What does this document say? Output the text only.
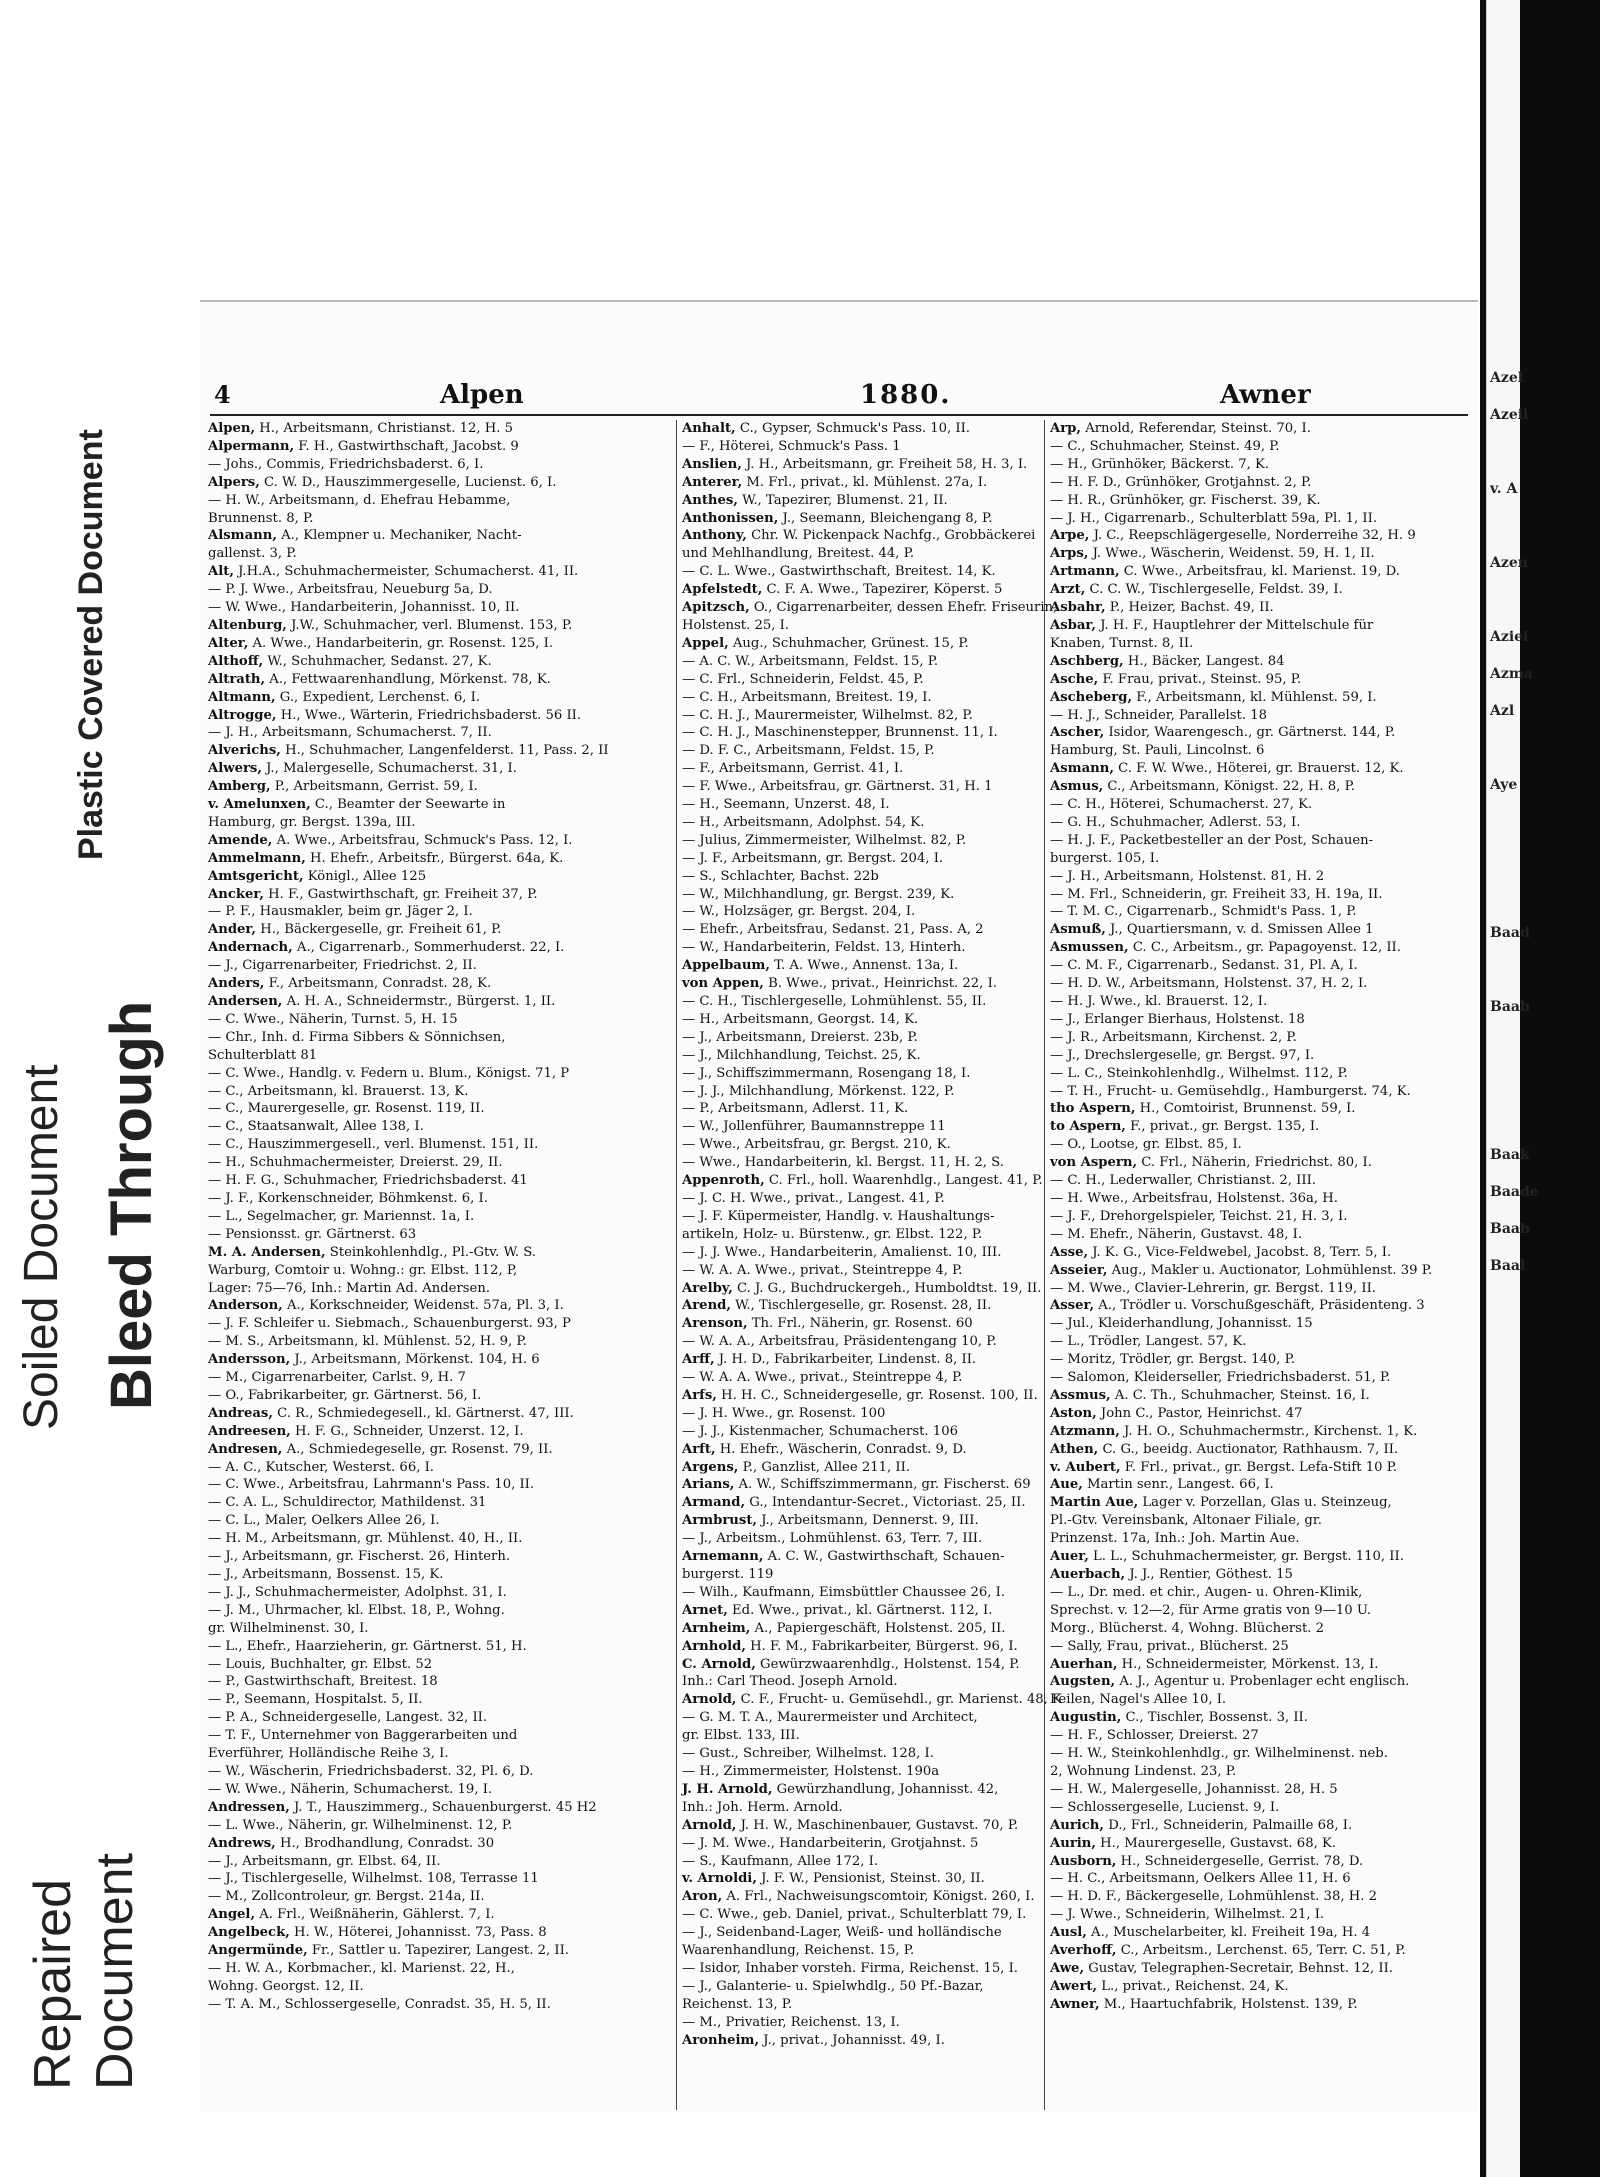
Azel
Azeil

v. A

Azen

Aziei
Azma
Azl

Aye

Baad

Baab

Baak
Baade
Baab
Baal
Plastic Covered Document
Soiled Document Bleed Through
Repaired Document
4	Alpen	1880.	Awner
Alpen, H., Arbeitsmann, Christianst. 12, H. 5
Alpermann, F. H., Gastwirthschaft, Jacobst. 9
— Johs., Commis, Friedrichsbaderst. 6, I.
Alpers, C. W. D., Hauszimmergeselle, Lucienst. 6, I.
— H. W., Arbeitsmann, d. Ehefrau Hebamme,
Brunnenst. 8, P.
Alsmann, A., Klempner u. Mechaniker, Nacht-
gallenst. 3, P.
Alt, J.H.A., Schuhmachermeister, Schumacherst. 41, II.
— P. J. Wwe., Arbeitsfrau, Neueburg 5a, D.
— W. Wwe., Handarbeiterin, Johannisst. 10, II.
Altenburg, J.W., Schuhmacher, verl. Blumenst. 153, P.
Alter, A. Wwe., Handarbeiterin, gr. Rosenst. 125, I.
Althoff, W., Schuhmacher, Sedanst. 27, K.
Altrath, A., Fettwaarenhandlung, Mörkenst. 78, K.
Altmann, G., Expedient, Lerchenst. 6, I.
Altrogge, H., Wwe., Wärterin, Friedrichsbaderst. 56 II.
— J. H., Arbeitsmann, Schumacherst. 7, II.
Alverichs, H., Schuhmacher, Langenfelderst. 11, Pass. 2, II
Alwers, J., Malergeselle, Schumacherst. 31, I.
Amberg, P., Arbeitsmann, Gerrist. 59, I.
v. Amelunxen, C., Beamter der Seewarte in
Hamburg, gr. Bergst. 139a, III.
Amende, A. Wwe., Arbeitsfrau, Schmuck's Pass. 12, I.
Ammelmann, H. Ehefr., Arbeitsfr., Bürgerst. 64a, K.
Amtsgericht, Königl., Allee 125
Ancker, H. F., Gastwirthschaft, gr. Freiheit 37, P.
— P. F., Hausmakler, beim gr. Jäger 2, I.
Ander, H., Bäckergeselle, gr. Freiheit 61, P.
Andernach, A., Cigarrenarb., Sommerhuderst. 22, I.
— J., Cigarrenarbeiter, Friedrichst. 2, II.
Anders, F., Arbeitsmann, Conradst. 28, K.
Andersen, A. H. A., Schneidermstr., Bürgerst. 1, II.
— C. Wwe., Näherin, Turnst. 5, H. 15
— Chr., Inh. d. Firma Sibbers & Sönnichsen,
Schulterblatt 81
— C. Wwe., Handlg. v. Federn u. Blum., Königst. 71, P
— C., Arbeitsmann, kl. Brauerst. 13, K.
— C., Maurergeselle, gr. Rosenst. 119, II.
— C., Staatsanwalt, Allee 138, I.
— C., Hauszimmergesell., verl. Blumenst. 151, II.
— H., Schuhmachermeister, Dreierst. 29, II.
— H. F. G., Schuhmacher, Friedrichsbaderst. 41
— J. F., Korkenschneider, Böhmkenst. 6, I.
— L., Segelmacher, gr. Mariennst. 1a, I.
— Pensionsst. gr. Gärtnerst. 63
M. A. Andersen, Steinkohlenhdlg., Pl.-Gtv. W. S.
Warburg, Comtoir u. Wohng.: gr. Elbst. 112, P,
Lager: 75—76, Inh.: Martin Ad. Andersen.
Anderson, A., Korkschneider, Weidenst. 57a, Pl. 3, I.
— J. F. Schleifer u. Siebmach., Schauenburgerst. 93, P
— M. S., Arbeitsmann, kl. Mühlenst. 52, H. 9, P.
Andersson, J., Arbeitsmann, Mörkenst. 104, H. 6
— M., Cigarrenarbeiter, Carlst. 9, H. 7
— O., Fabrikarbeiter, gr. Gärtnerst. 56, I.
Andreas, C. R., Schmiedegesell., kl. Gärtnerst. 47, III.
Andreesen, H. F. G., Schneider, Unzerst. 12, I.
Andresen, A., Schmiedegeselle, gr. Rosenst. 79, II.
— A. C., Kutscher, Westerst. 66, I.
— C. Wwe., Arbeitsfrau, Lahrmann's Pass. 10, II.
— C. A. L., Schuldirector, Mathildenst. 31
— C. L., Maler, Oelkers Allee 26, I.
— H. M., Arbeitsmann, gr. Mühlenst. 40, H., II.
— J., Arbeitsmann, gr. Fischerst. 26, Hinterh.
— J., Arbeitsmann, Bossenst. 15, K.
— J. J., Schuhmachermeister, Adolphst. 31, I.
— J. M., Uhrmacher, kl. Elbst. 18, P., Wohng.
gr. Wilhelminenst. 30, I.
— L., Ehefr., Haarzieherin, gr. Gärtnerst. 51, H.
— Louis, Buchhalter, gr. Elbst. 52
— P., Gastwirthschaft, Breitest. 18
— P., Seemann, Hospitalst. 5, II.
— P. A., Schneidergeselle, Langest. 32, II.
— T. F., Unternehmer von Baggerarbeiten und
Everführer, Holländische Reihe 3, I.
— W., Wäscherin, Friedrichsbaderst. 32, Pl. 6, D.
— W. Wwe., Näherin, Schumacherst. 19, I.
Andressen, J. T., Hauszimmerg., Schauenburgerst. 45 H2
— L. Wwe., Näherin, gr. Wilhelminenst. 12, P.
Andrews, H., Brodhandlung, Conradst. 30
— J., Arbeitsmann, gr. Elbst. 64, II.
— J., Tischlergeselle, Wilhelmst. 108, Terrasse 11
— M., Zollcontroleur, gr. Bergst. 214a, II.
Angel, A. Frl., Weißnäherin, Gählerst. 7, I.
Angelbeck, H. W., Höterei, Johannisst. 73, Pass. 8
Angermünde, Fr., Sattler u. Tapezirer, Langest. 2, II.
— H. W. A., Korbmacher., kl. Marienst. 22, H.,
Wohng. Georgst. 12, II.
— T. A. M., Schlossergeselle, Conradst. 35, H. 5, II.
Anhalt, C., Gypser, Schmuck's Pass. 10, II.
— F., Höterei, Schmuck's Pass. 1
Anslien, J. H., Arbeitsmann, gr. Freiheit 58, H. 3, I.
Anterer, M. Frl., privat., kl. Mühlenst. 27a, I.
Anthes, W., Tapezirer, Blumenst. 21, II.
Anthonissen, J., Seemann, Bleichengang 8, P.
Anthony, Chr. W. Pickenpack Nachfg., Grobbäckerei
und Mehlhandlung, Breitest. 44, P.
— C. L. Wwe., Gastwirthschaft, Breitest. 14, K.
Apfelstedt, C. F. A. Wwe., Tapezirer, Köperst. 5
Apitzsch, O., Cigarrenarbeiter, dessen Ehefr. Friseurin,
Holstenst. 25, I.
Appel, Aug., Schuhmacher, Grünest. 15, P.
— A. C. W., Arbeitsmann, Feldst. 15, P.
— C. Frl., Schneiderin, Feldst. 45, P.
— C. H., Arbeitsmann, Breitest. 19, I.
— C. H. J., Maurermeister, Wilhelmst. 82, P.
— C. H. J., Maschinenstepper, Brunnenst. 11, I.
— D. F. C., Arbeitsmann, Feldst. 15, P.
— F., Arbeitsmann, Gerrist. 41, I.
— F. Wwe., Arbeitsfrau, gr. Gärtnerst. 31, H. 1
— H., Seemann, Unzerst. 48, I.
— H., Arbeitsmann, Adolphst. 54, K.
— Julius, Zimmermeister, Wilhelmst. 82, P.
— J. F., Arbeitsmann, gr. Bergst. 204, I.
— S., Schlachter, Bachst. 22b
— W., Milchhandlung, gr. Bergst. 239, K.
— W., Holzsäger, gr. Bergst. 204, I.
— Ehefr., Arbeitsfrau, Sedanst. 21, Pass. A, 2
— W., Handarbeiterin, Feldst. 13, Hinterh.
Appelbaum, T. A. Wwe., Annenst. 13a, I.
von Appen, B. Wwe., privat., Heinrichst. 22, I.
— C. H., Tischlergeselle, Lohmühlenst. 55, II.
— H., Arbeitsmann, Georgst. 14, K.
— J., Arbeitsmann, Dreierst. 23b, P.
— J., Milchhandlung, Teichst. 25, K.
— J., Schiffszimmermann, Rosengang 18, I.
— J. J., Milchhandlung, Mörkenst. 122, P.
— P., Arbeitsmann, Adlerst. 11, K.
— W., Jollenführer, Baumannstreppe 11
— Wwe., Arbeitsfrau, gr. Bergst. 210, K.
— Wwe., Handarbeiterin, kl. Bergst. 11, H. 2, S.
Appenroth, C. Frl., holl. Waarenhdlg., Langest. 41, P.
— J. C. H. Wwe., privat., Langest. 41, P.
— J. F. Küpermeister, Handlg. v. Haushaltungs-
artikeln, Holz- u. Bürstenw., gr. Elbst. 122, P.
— J. J. Wwe., Handarbeiterin, Amalienst. 10, III.
— W. A. A. Wwe., privat., Steintreppe 4, P.
Arelby, C. J. G., Buchdruckergeh., Humboldtst. 19, II.
Arend, W., Tischlergeselle, gr. Rosenst. 28, II.
Arenson, Th. Frl., Näherin, gr. Rosenst. 60
— W. A. A., Arbeitsfrau, Präsidentengang 10, P.
Arff, J. H. D., Fabrikarbeiter, Lindenst. 8, II.
— W. A. A. Wwe., privat., Steintreppe 4, P.
Arfs, H. H. C., Schneidergeselle, gr. Rosenst. 100, II.
— J. H. Wwe., gr. Rosenst. 100
— J. J., Kistenmacher, Schumacherst. 106
Arft, H. Ehefr., Wäscherin, Conradst. 9, D.
Argens, P., Ganzlist, Allee 211, II.
Arians, A. W., Schiffszimmermann, gr. Fischerst. 69
Armand, G., Intendantur-Secret., Victoriast. 25, II.
Armbrust, J., Arbeitsmann, Dennerst. 9, III.
— J., Arbeitsm., Lohmühlenst. 63, Terr. 7, III.
Arnemann, A. C. W., Gastwirthschaft, Schauen-
burgerst. 119
— Wilh., Kaufmann, Eimsbüttler Chaussee 26, I.
Arnet, Ed. Wwe., privat., kl. Gärtnerst. 112, I.
Arnheim, A., Papiergeschäft, Holstenst. 205, II.
Arnhold, H. F. M., Fabrikarbeiter, Bürgerst. 96, I.
C. Arnold, Gewürzwaarenhdlg., Holstenst. 154, P.
Inh.: Carl Theod. Joseph Arnold.
Arnold, C. F., Frucht- u. Gemüsehdl., gr. Marienst. 48, K
— G. M. T. A., Maurermeister und Architect,
gr. Elbst. 133, III.
— Gust., Schreiber, Wilhelmst. 128, I.
— H., Zimmermeister, Holstenst. 190a
J. H. Arnold, Gewürzhandlung, Johannisst. 42,
Inh.: Joh. Herm. Arnold.
Arnold, J. H. W., Maschinenbauer, Gustavst. 70, P.
— J. M. Wwe., Handarbeiterin, Grotjahnst. 5
— S., Kaufmann, Allee 172, I.
v. Arnoldi, J. F. W., Pensionist, Steinst. 30, II.
Aron, A. Frl., Nachweisungscomtoir, Königst. 260, I.
— C. Wwe., geb. Daniel, privat., Schulterblatt 79, I.
— J., Seidenband-Lager, Weiß- und holländische
Waarenhandlung, Reichenst. 15, P.
— Isidor, Inhaber vorsteh. Firma, Reichenst. 15, I.
— J., Galanterie- u. Spielwhdlg., 50 Pf.-Bazar,
Reichenst. 13, P.
— M., Privatier, Reichenst. 13, I.
Aronheim, J., privat., Johannisst. 49, I.
Arp, Arnold, Referendar, Steinst. 70, I.
— C., Schuhmacher, Steinst. 49, P.
— H., Grünhöker, Bäckerst. 7, K.
— H. F. D., Grünhöker, Grotjahnst. 2, P.
— H. R., Grünhöker, gr. Fischerst. 39, K.
— J. H., Cigarrenarb., Schulterblatt 59a, Pl. 1, II.
Arpe, J. C., Reepschlägergeselle, Norderreihe 32, H. 9
Arps, J. Wwe., Wäscherin, Weidenst. 59, H. 1, II.
Artmann, C. Wwe., Arbeitsfrau, kl. Marienst. 19, D.
Arzt, C. C. W., Tischlergeselle, Feldst. 39, I.
Asbahr, P., Heizer, Bachst. 49, II.
Asbar, J. H. F., Hauptlehrer der Mittelschule für
Knaben, Turnst. 8, II.
Aschberg, H., Bäcker, Langest. 84
Asche, F. Frau, privat., Steinst. 95, P.
Ascheberg, F., Arbeitsmann, kl. Mühlenst. 59, I.
— H. J., Schneider, Parallelst. 18
Ascher, Isidor, Waarengesch., gr. Gärtnerst. 144, P.
Hamburg, St. Pauli, Lincolnst. 6
Asmann, C. F. W. Wwe., Höterei, gr. Brauerst. 12, K.
Asmus, C., Arbeitsmann, Königst. 22, H. 8, P.
— C. H., Höterei, Schumacherst. 27, K.
— G. H., Schuhmacher, Adlerst. 53, I.
— H. J. F., Packetbesteller an der Post, Schauen-
burgerst. 105, I.
— J. H., Arbeitsmann, Holstenst. 81, H. 2
— M. Frl., Schneiderin, gr. Freiheit 33, H. 19a, II.
— T. M. C., Cigarrenarb., Schmidt's Pass. 1, P.
Asmuß, J., Quartiersmann, v. d. Smissen Allee 1
Asmussen, C. C., Arbeitsm., gr. Papagoyenst. 12, II.
— C. M. F., Cigarrenarb., Sedanst. 31, Pl. A, I.
— H. D. W., Arbeitsmann, Holstenst. 37, H. 2, I.
— H. J. Wwe., kl. Brauerst. 12, I.
— J., Erlanger Bierhaus, Holstenst. 18
— J. R., Arbeitsmann, Kirchenst. 2, P.
— J., Drechslergeselle, gr. Bergst. 97, I.
— L. C., Steinkohlenhdlg., Wilhelmst. 112, P.
— T. H., Frucht- u. Gemüsehdlg., Hamburgerst. 74, K.
tho Aspern, H., Comtoirist, Brunnenst. 59, I.
to Aspern, F., privat., gr. Bergst. 135, I.
— O., Lootse, gr. Elbst. 85, I.
von Aspern, C. Frl., Näherin, Friedrichst. 80, I.
— C. H., Lederwaller, Christianst. 2, III.
— H. Wwe., Arbeitsfrau, Holstenst. 36a, H.
— J. F., Drehorgelspieler, Teichst. 21, H. 3, I.
— M. Ehefr., Näherin, Gustavst. 48, I.
Asse, J. K. G., Vice-Feldwebel, Jacobst. 8, Terr. 5, I.
Asseier, Aug., Makler u. Auctionator, Lohmühlenst. 39 P.
— M. Wwe., Clavier-Lehrerin, gr. Bergst. 119, II.
Asser, A., Trödler u. Vorschußgeschäft, Präsidenteng. 3
— Jul., Kleiderhandlung, Johannisst. 15
— L., Trödler, Langest. 57, K.
— Moritz, Trödler, gr. Bergst. 140, P.
— Salomon, Kleiderseller, Friedrichsbaderst. 51, P.
Assmus, A. C. Th., Schuhmacher, Steinst. 16, I.
Aston, John C., Pastor, Heinrichst. 47
Atzmann, J. H. O., Schuhmachermstr., Kirchenst. 1, K.
Athen, C. G., beeidg. Auctionator, Rathhausm. 7, II.
v. Aubert, F. Frl., privat., gr. Bergst. Lefa-Stift 10 P.
Aue, Martin senr., Langest. 66, I.
Martin Aue, Lager v. Porzellan, Glas u. Steinzeug,
Pl.-Gtv. Vereinsbank, Altonaer Filiale, gr.
Prinzenst. 17a, Inh.: Joh. Martin Aue.
Auer, L. L., Schuhmachermeister, gr. Bergst. 110, II.
Auerbach, J. J., Rentier, Göthest. 15
— L., Dr. med. et chir., Augen- u. Ohren-Klinik,
Sprechst. v. 12—2, für Arme gratis von 9—10 U.
Morg., Blücherst. 4, Wohng. Blücherst. 2
— Sally, Frau, privat., Blücherst. 25
Auerhan, H., Schneidermeister, Mörkenst. 13, I.
Augsten, A. J., Agentur u. Probenlager echt englisch.
Feilen, Nagel's Allee 10, I.
Augustin, C., Tischler, Bossenst. 3, II.
— H. F., Schlosser, Dreierst. 27
— H. W., Steinkohlenhdlg., gr. Wilhelminenst. neb.
2, Wohnung Lindenst. 23, P.
— H. W., Malergeselle, Johannisst. 28, H. 5
— Schlossergeselle, Lucienst. 9, I.
Aurich, D., Frl., Schneiderin, Palmaille 68, I.
Aurin, H., Maurergeselle, Gustavst. 68, K.
Ausborn, H., Schneidergeselle, Gerrist. 78, D.
— H. C., Arbeitsmann, Oelkers Allee 11, H. 6
— H. D. F., Bäckergeselle, Lohmühlenst. 38, H. 2
— J. Wwe., Schneiderin, Wilhelmst. 21, I.
Ausl, A., Muschelarbeiter, kl. Freiheit 19a, H. 4
Averhoff, C., Arbeitsm., Lerchenst. 65, Terr. C. 51, P.
Awe, Gustav, Telegraphen-Secretair, Behnst. 12, II.
Awert, L., privat., Reichenst. 24, K.
Awner, M., Haartuchfabrik, Holstenst. 139, P.
